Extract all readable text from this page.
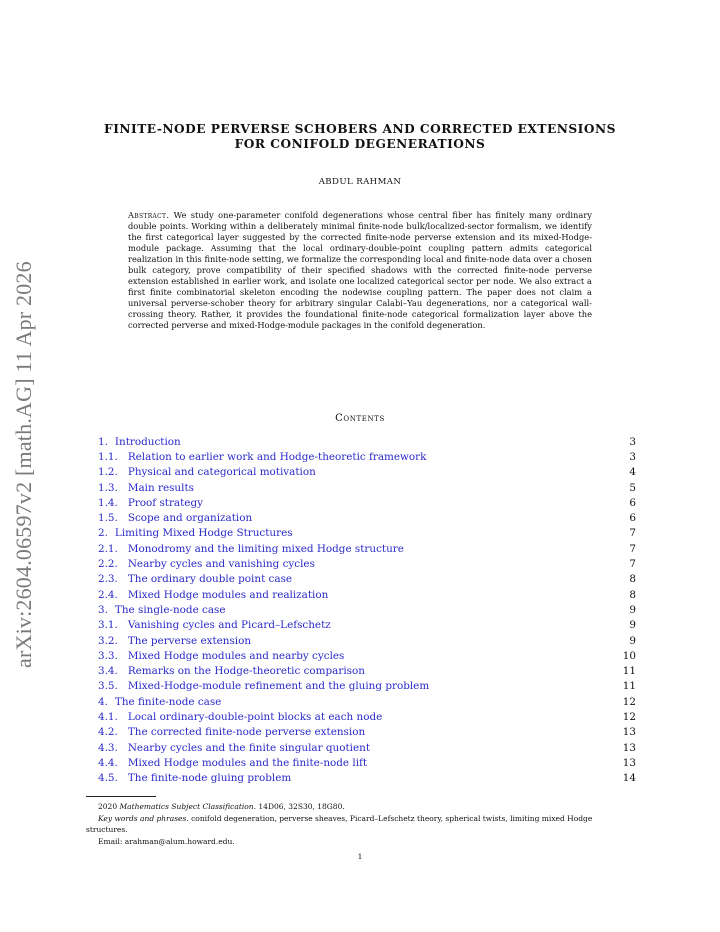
arXiv:2604.06597v2 [math.AG] 11 Apr 2026
FINITE-NODE PERVERSE SCHOBERS AND CORRECTED EXTENSIONS
FOR CONIFOLD DEGENERATIONS
ABDUL RAHMAN

Abstract. We study one-parameter conifold degenerations whose central fiber has finitely many ordinary double points. Working within a deliberately minimal finite-node bulk/localized-sector formalism, we identify the first categorical layer suggested by the corrected finite-node perverse extension and its mixed-Hodge-module package. Assuming that the local ordinary-double-point coupling pattern admits categorical realization in this finite-node setting, we formalize the corresponding local and finite-node data over a chosen bulk category, prove compatibility of their specified shadows with the corrected finite-node perverse extension established in earlier work, and isolate one localized categorical sector per node. We also extract a first finite combinatorial skeleton encoding the nodewise coupling pattern. The paper does not claim a universal perverse-schober theory for arbitrary singular Calabi–Yau degenerations, nor a categorical wall-crossing theory. Rather, it provides the foundational finite-node categorical formalization layer above the corrected perverse and mixed-Hodge-module packages in the conifold degeneration.

Contents
1. Introduction	3
1.1. Relation to earlier work and Hodge-theoretic framework	3
1.2. Physical and categorical motivation	4
1.3. Main results	5
1.4. Proof strategy	6
1.5. Scope and organization	6
2. Limiting Mixed Hodge Structures	7
2.1. Monodromy and the limiting mixed Hodge structure	7
2.2. Nearby cycles and vanishing cycles	7
2.3. The ordinary double point case	8
2.4. Mixed Hodge modules and realization	8
3. The single-node case	9
3.1. Vanishing cycles and Picard–Lefschetz	9
3.2. The perverse extension	9
3.3. Mixed Hodge modules and nearby cycles	10
3.4. Remarks on the Hodge-theoretic comparison	11
3.5. Mixed-Hodge-module refinement and the gluing problem	11
4. The finite-node case	12
4.1. Local ordinary-double-point blocks at each node	12
4.2. The corrected finite-node perverse extension	13
4.3. Nearby cycles and the finite singular quotient	13
4.4. Mixed Hodge modules and the finite-node lift	13
4.5. The finite-node gluing problem	14
2020 Mathematics Subject Classification. 14D06, 32S30, 18G80.
Key words and phrases. conifold degeneration, perverse sheaves, Picard–Lefschetz theory, spherical twists, limiting mixed Hodge structures.
Email: arahman@alum.howard.edu.
1
